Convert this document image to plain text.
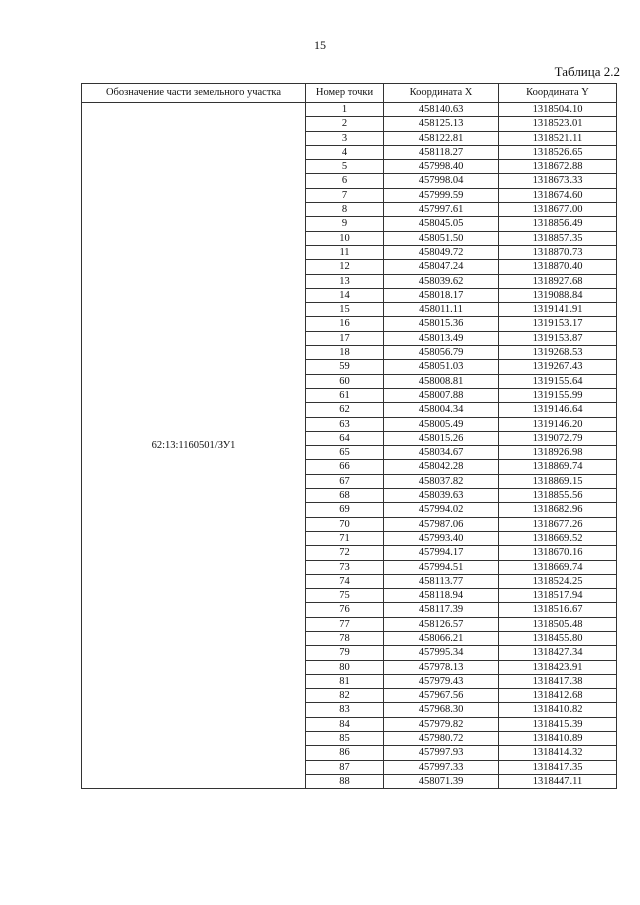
15
Таблица 2.2
Обозначение части земельного участка	Номер точки	Координата X	Координата Y
62:13:1160501/ЗУ1	1	458140.63	1318504.10
	2	458125.13	1318523.01
	3	458122.81	1318521.11
	4	458118.27	1318526.65
	5	457998.40	1318672.88
	6	457998.04	1318673.33
	7	457999.59	1318674.60
	8	457997.61	1318677.00
	9	458045.05	1318856.49
	10	458051.50	1318857.35
	11	458049.72	1318870.73
	12	458047.24	1318870.40
	13	458039.62	1318927.68
	14	458018.17	1319088.84
	15	458011.11	1319141.91
	16	458015.36	1319153.17
	17	458013.49	1319153.87
	18	458056.79	1319268.53
	59	458051.03	1319267.43
	60	458008.81	1319155.64
	61	458007.88	1319155.99
	62	458004.34	1319146.64
	63	458005.49	1319146.20
	64	458015.26	1319072.79
	65	458034.67	1318926.98
	66	458042.28	1318869.74
	67	458037.82	1318869.15
	68	458039.63	1318855.56
	69	457994.02	1318682.96
	70	457987.06	1318677.26
	71	457993.40	1318669.52
	72	457994.17	1318670.16
	73	457994.51	1318669.74
	74	458113.77	1318524.25
	75	458118.94	1318517.94
	76	458117.39	1318516.67
	77	458126.57	1318505.48
	78	458066.21	1318455.80
	79	457995.34	1318427.34
	80	457978.13	1318423.91
	81	457979.43	1318417.38
	82	457967.56	1318412.68
	83	457968.30	1318410.82
	84	457979.82	1318415.39
	85	457980.72	1318410.89
	86	457997.93	1318414.32
	87	457997.33	1318417.35
	88	458071.39	1318447.11
